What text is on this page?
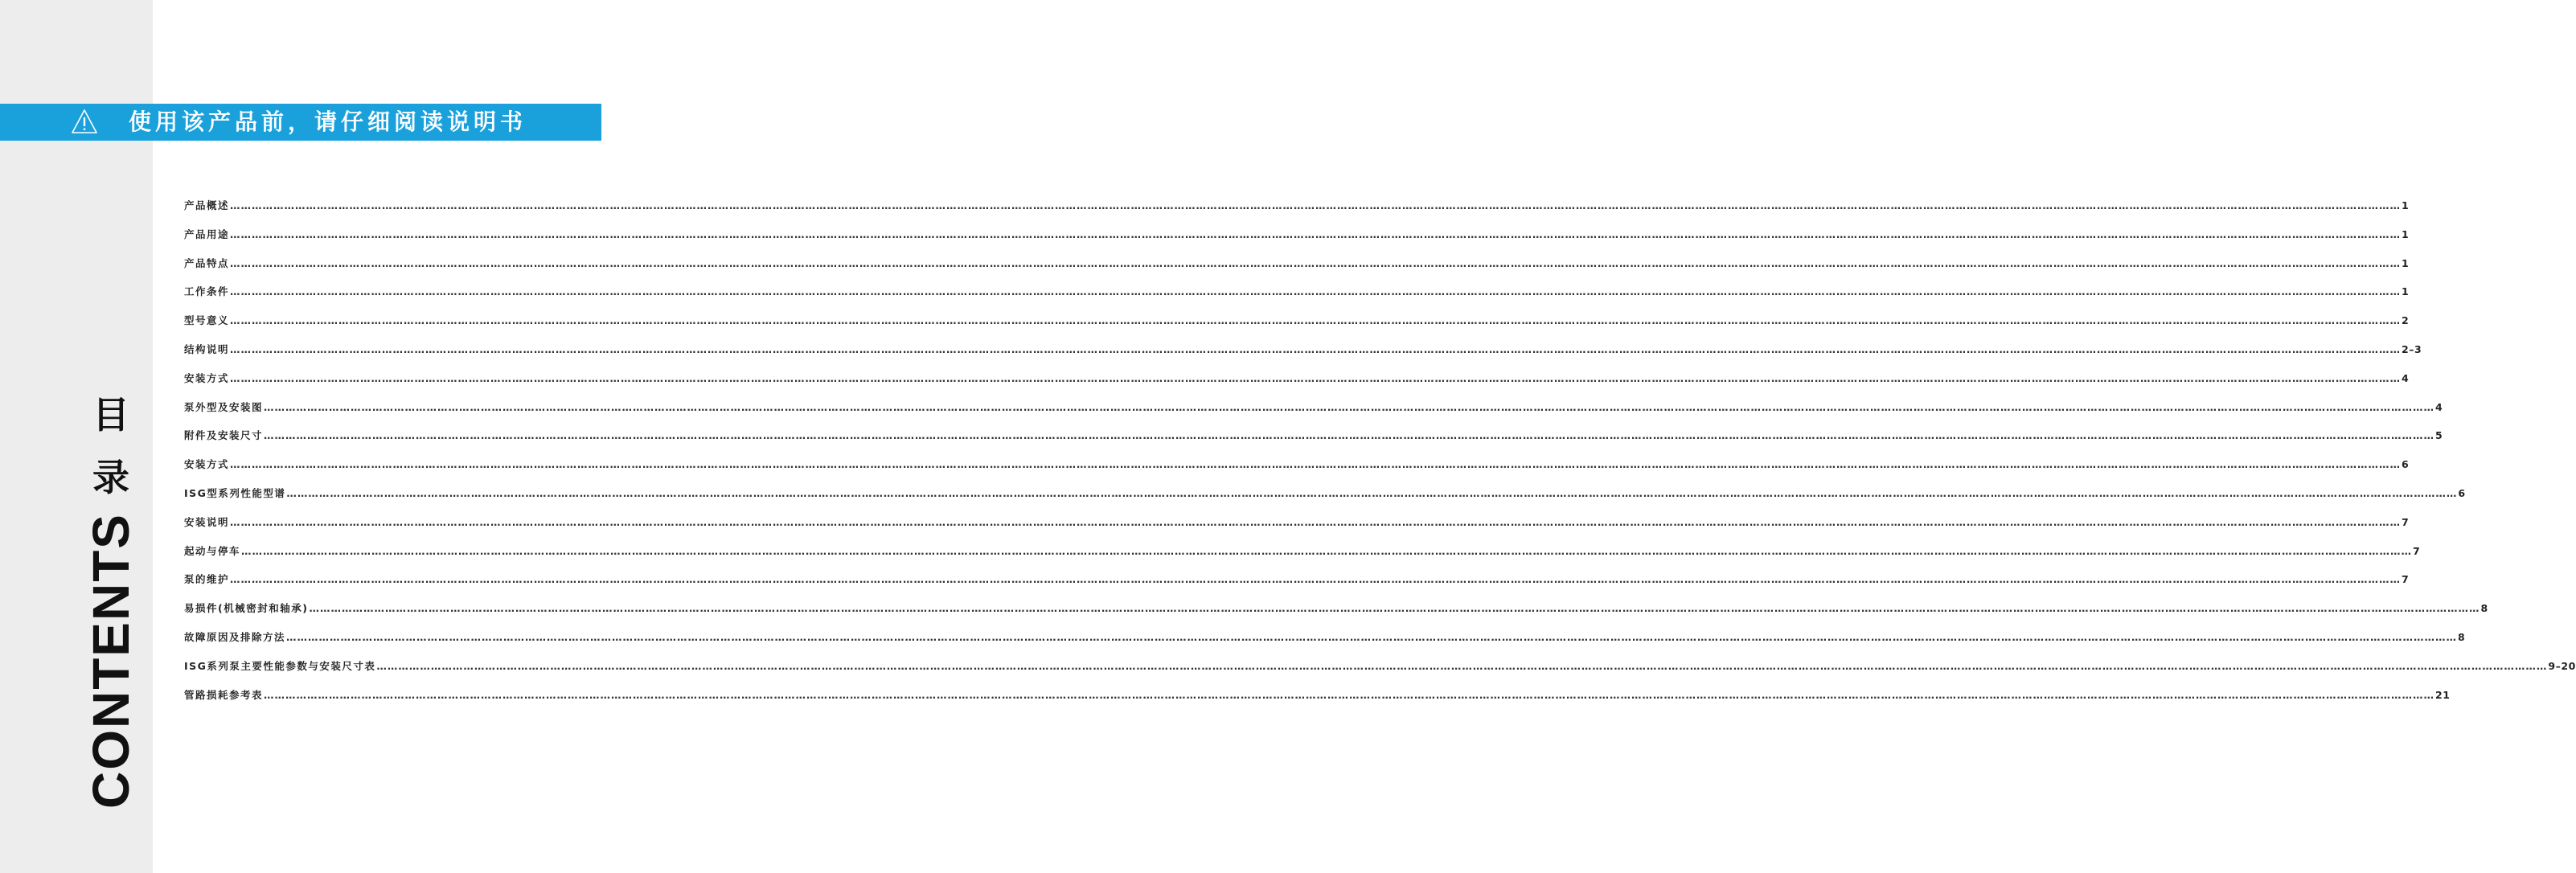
使用该产品前，请仔细阅读说明书
目
录
CONTENTS
产品概述 …………………………………………………………………………………………………………………………………………………………………………………………………………………………………………………………………………………………………………………………………………………………………………………………………………………………………………………………………………………………………………………………………………………… 1
产品用途 …………………………………………………………………………………………………………………………………………………………………………………………………………………………………………………………………………………………………………………………………………………………………………………………………………………………………………………………………………………………………………………………………………………… 1
产品特点 …………………………………………………………………………………………………………………………………………………………………………………………………………………………………………………………………………………………………………………………………………………………………………………………………………………………………………………………………………………………………………………………………………………… 1
工作条件 …………………………………………………………………………………………………………………………………………………………………………………………………………………………………………………………………………………………………………………………………………………………………………………………………………………………………………………………………………………………………………………………………………………… 1
型号意义 …………………………………………………………………………………………………………………………………………………………………………………………………………………………………………………………………………………………………………………………………………………………………………………………………………………………………………………………………………………………………………………………………………………… 2
结构说明 …………………………………………………………………………………………………………………………………………………………………………………………………………………………………………………………………………………………………………………………………………………………………………………………………………………………………………………………………………………………………………………………………………………… 2–3
安装方式 …………………………………………………………………………………………………………………………………………………………………………………………………………………………………………………………………………………………………………………………………………………………………………………………………………………………………………………………………………………………………………………………………………………… 4
泵外型及安装图 …………………………………………………………………………………………………………………………………………………………………………………………………………………………………………………………………………………………………………………………………………………………………………………………………………………………………………………………………………………………………………………………………………………… 4
附件及安装尺寸 …………………………………………………………………………………………………………………………………………………………………………………………………………………………………………………………………………………………………………………………………………………………………………………………………………………………………………………………………………………………………………………………………………………… 5
安装方式 …………………………………………………………………………………………………………………………………………………………………………………………………………………………………………………………………………………………………………………………………………………………………………………………………………………………………………………………………………………………………………………………………………………… 6
ISG型系列性能型谱 …………………………………………………………………………………………………………………………………………………………………………………………………………………………………………………………………………………………………………………………………………………………………………………………………………………………………………………………………………………………………………………………………………………… 6
安装说明 …………………………………………………………………………………………………………………………………………………………………………………………………………………………………………………………………………………………………………………………………………………………………………………………………………………………………………………………………………………………………………………………………………………… 7
起动与停车 …………………………………………………………………………………………………………………………………………………………………………………………………………………………………………………………………………………………………………………………………………………………………………………………………………………………………………………………………………………………………………………………………………………… 7
泵的维护 …………………………………………………………………………………………………………………………………………………………………………………………………………………………………………………………………………………………………………………………………………………………………………………………………………………………………………………………………………………………………………………………………………………… 7
易损件(机械密封和轴承) …………………………………………………………………………………………………………………………………………………………………………………………………………………………………………………………………………………………………………………………………………………………………………………………………………………………………………………………………………………………………………………………………………………… 8
故障原因及排除方法 …………………………………………………………………………………………………………………………………………………………………………………………………………………………………………………………………………………………………………………………………………………………………………………………………………………………………………………………………………………………………………………………………………………… 8
ISG系列泵主要性能参数与安装尺寸表 …………………………………………………………………………………………………………………………………………………………………………………………………………………………………………………………………………………………………………………………………………………………………………………………………………………………………………………………………………………………………………………………………………………… 9–20
管路损耗参考表 …………………………………………………………………………………………………………………………………………………………………………………………………………………………………………………………………………………………………………………………………………………………………………………………………………………………………………………………………………………………………………………………………………………… 21
